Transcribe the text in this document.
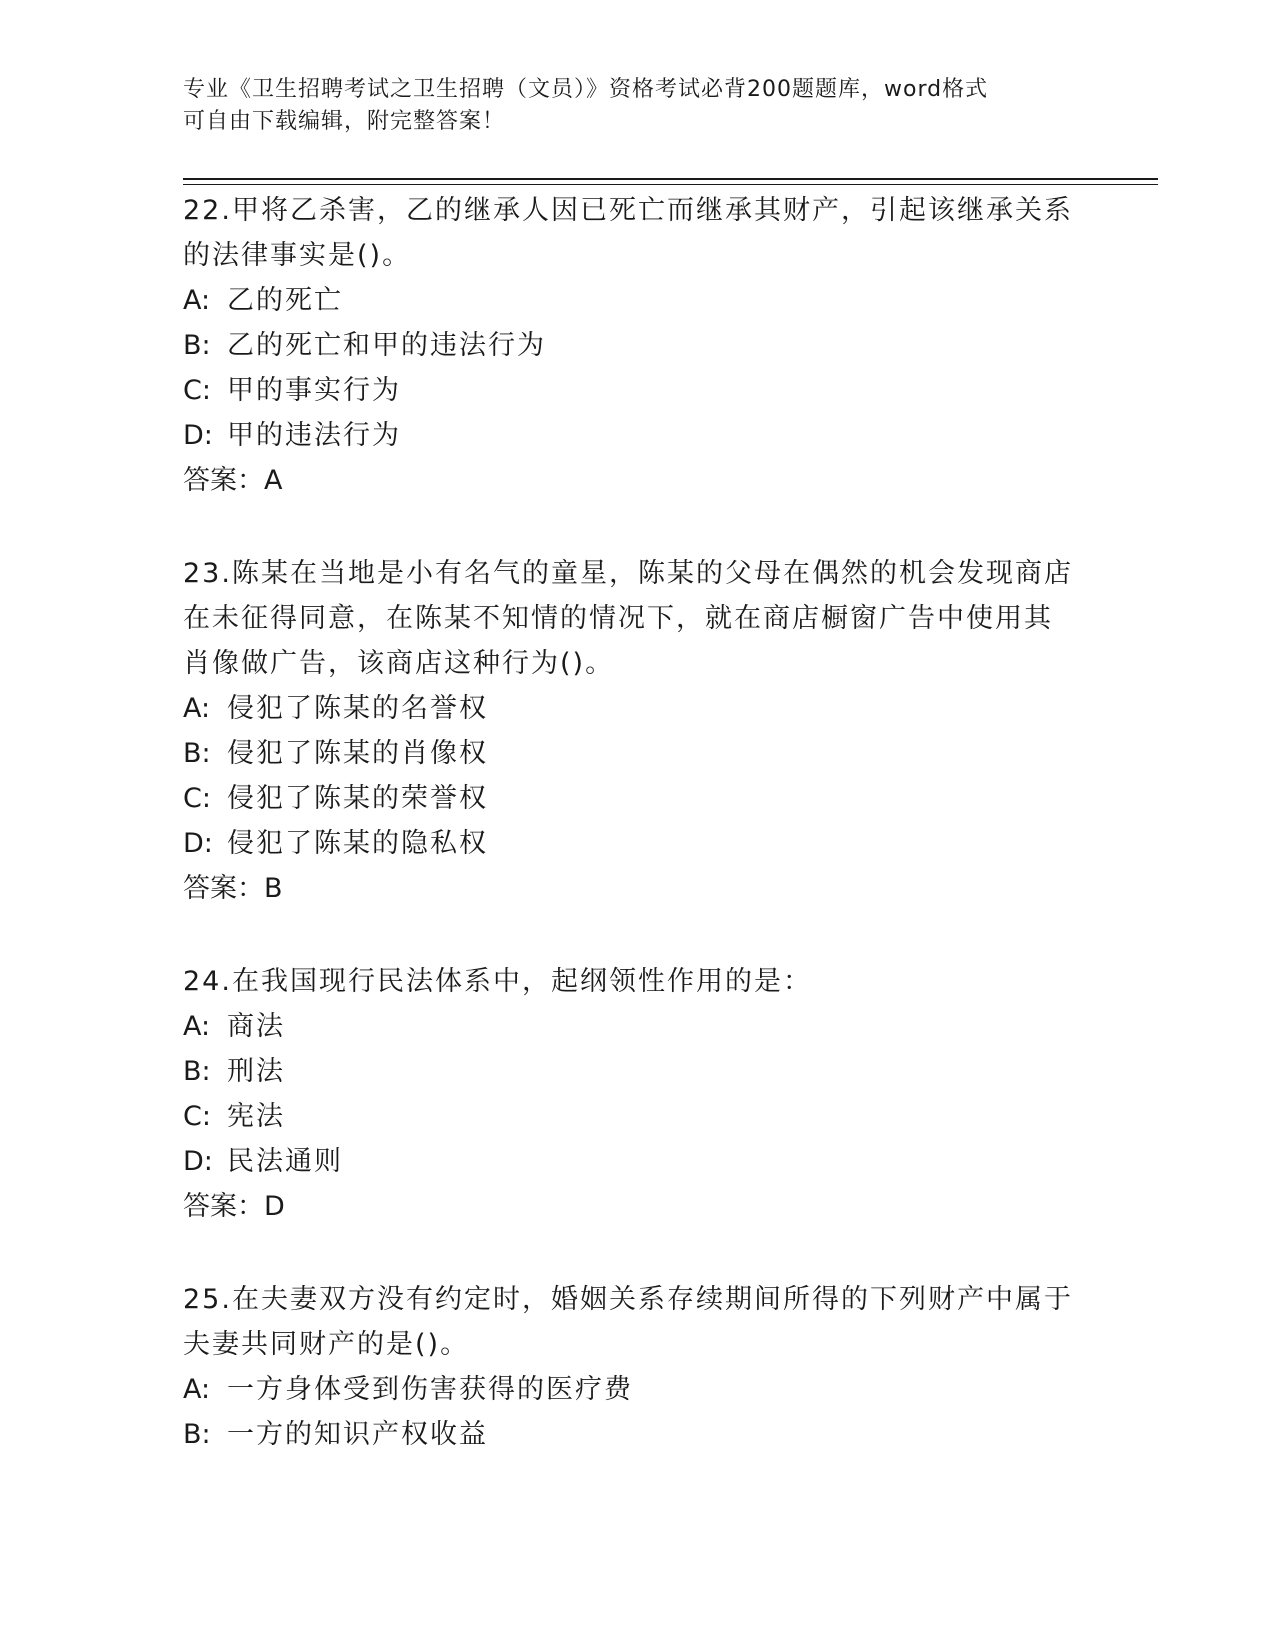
专业《卫生招聘考试之卫生招聘（文员）》资格考试必背200题题库，word格式
可自由下载编辑，附完整答案！
22.甲将乙杀害，乙的继承人因已死亡而继承其财产，引起该继承关系
的法律事实是()。
A: 乙的死亡
B: 乙的死亡和甲的违法行为
C: 甲的事实行为
D: 甲的违法行为
答案：A
23.陈某在当地是小有名气的童星，陈某的父母在偶然的机会发现商店
在未征得同意，在陈某不知情的情况下，就在商店橱窗广告中使用其
肖像做广告，该商店这种行为()。
A: 侵犯了陈某的名誉权
B: 侵犯了陈某的肖像权
C: 侵犯了陈某的荣誉权
D: 侵犯了陈某的隐私权
答案：B
24.在我国现行民法体系中，起纲领性作用的是：
A: 商法
B: 刑法
C: 宪法
D: 民法通则
答案：D
25.在夫妻双方没有约定时，婚姻关系存续期间所得的下列财产中属于
夫妻共同财产的是()。
A: 一方身体受到伤害获得的医疗费
B: 一方的知识产权收益
